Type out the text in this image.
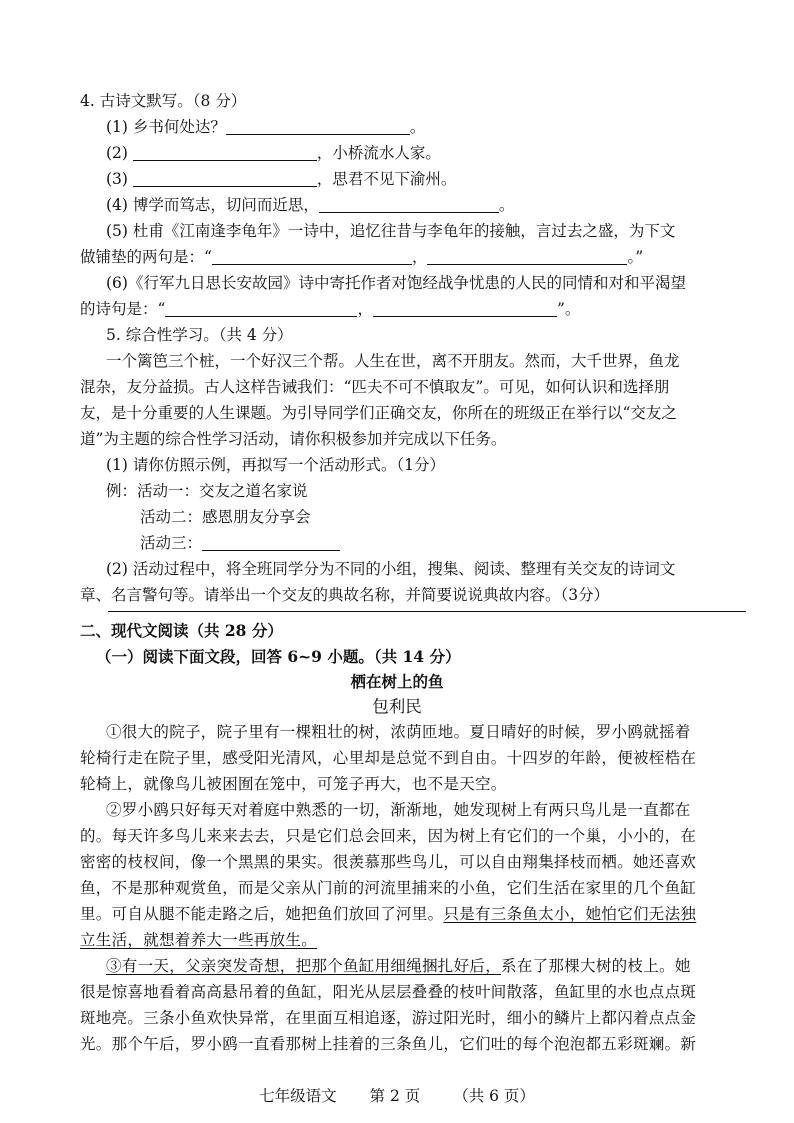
4. 古诗文默写。（8 分）
(1) 乡书何处达？	。
(2)	，小桥流水人家。
(3)	，思君不见下渝州。
(4) 博学而笃志，切问而近思，	。
(5) 杜甫《江南逢李龟年》一诗中，追忆往昔与李龟年的接触，言过去之盛，为下文
做铺垫的两句是：“	，	。”
(6)《行军九日思长安故园》诗中寄托作者对饱经战争忧患的人民的同情和对和平渴望
的诗句是：“	，	”。
5. 综合性学习。（共 4 分）
一个篱笆三个桩，一个好汉三个帮。人生在世，离不开朋友。然而，大千世界，鱼龙
混杂，友分益损。古人这样告诫我们：“匹夫不可不慎取友”。可见，如何认识和选择朋
友，是十分重要的人生课题。为引导同学们正确交友，你所在的班级正在举行以“交友之
道”为主题的综合性学习活动，请你积极参加并完成以下任务。
(1) 请你仿照示例，再拟写一个活动形式。（1分）
例：活动一：交友之道名家说
活动二：感恩朋友分享会
活动三：
(2) 活动过程中，将全班同学分为不同的小组，搜集、阅读、整理有关交友的诗词文
章、名言警句等。请举出一个交友的典故名称，并简要说说典故内容。（3分）
二、现代文阅读（共 28 分）
（一）阅读下面文段，回答 6~9 小题。（共 14 分）
栖在树上的鱼
包利民
①很大的院子，院子里有一棵粗壮的树，浓荫匝地。夏日晴好的时候，罗小鸥就摇着
轮椅行走在院子里，感受阳光清风，心里却是总觉不到自由。十四岁的年龄，便被桎梏在
轮椅上，就像鸟儿被困囿在笼中，可笼子再大，也不是天空。
②罗小鸥只好每天对着庭中熟悉的一切，渐渐地，她发现树上有两只鸟儿是一直都在
的。每天许多鸟儿来来去去，只是它们总会回来，因为树上有它们的一个巢，小小的，在
密密的枝杈间，像一个黑黑的果实。很羡慕那些鸟儿，可以自由翔集择枝而栖。她还喜欢
鱼，不是那种观赏鱼，而是父亲从门前的河流里捕来的小鱼，它们生活在家里的几个鱼缸
里。可自从腿不能走路之后，她把鱼们放回了河里。只是有三条鱼太小，她怕它们无法独
立生活，就想着养大一些再放生。
③有一天，父亲突发奇想，把那个鱼缸用细绳捆扎好后，系在了那棵大树的枝上。她
很是惊喜地看着高高悬吊着的鱼缸，阳光从层层叠叠的枝叶间散落，鱼缸里的水也点点斑
斑地亮。三条小鱼欢快异常，在里面互相追逐，游过阳光时，细小的鳞片上都闪着点点金
光。那个午后，罗小鸥一直看那树上挂着的三条鱼儿，它们吐的每个泡泡都五彩斑斓。新
七年级语文 第 2 页 （共 6 页）
